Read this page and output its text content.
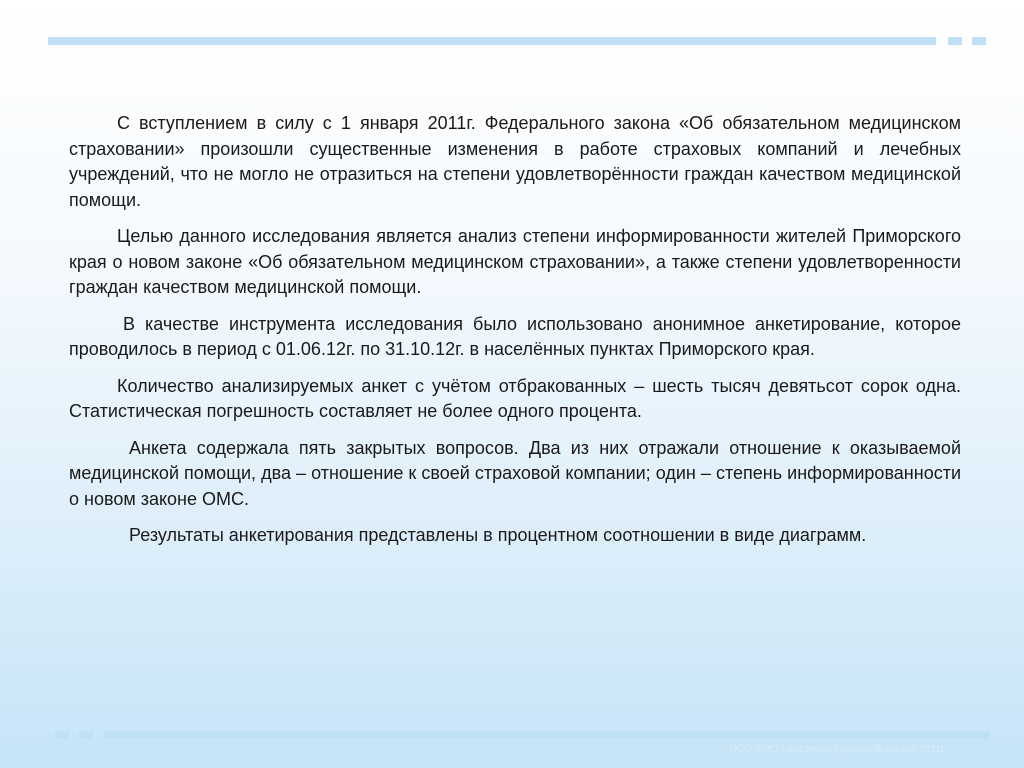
С вступлением в силу с 1 января 2011г. Федерального закона «Об обязательном медицинском страховании» произошли существенные изменения в работе страховых компаний и лечебных учреждений, что не могло не отразиться на степени удовлетворённости граждан качеством медицинской помощи.

Целью данного исследования является анализ степени информированности жителей Приморского края о новом законе «Об обязательном медицинском страховании», а также степени удовлетворенности граждан качеством медицинской помощи.

В качестве инструмента исследования было использовано анонимное анкетирование, которое проводилось в период с 01.06.12г. по 31.10.12г. в населённых пунктах Приморского края.

Количество анализируемых анкет с учётом отбракованных – шесть тысяч девятьсот сорок одна. Статистическая погрешность составляет не более одного процента.

Анкета содержала пять закрытых вопросов. Два из них отражали отношение к оказываемой медицинской помощи, два – отношение к своей страховой компании; один – степень информированности о новом законе ОМС.

Результаты анкетирования представлены в процентном соотношении в виде диаграмм.

ООО СМО «Восточно-страховой альянс 2011г.
